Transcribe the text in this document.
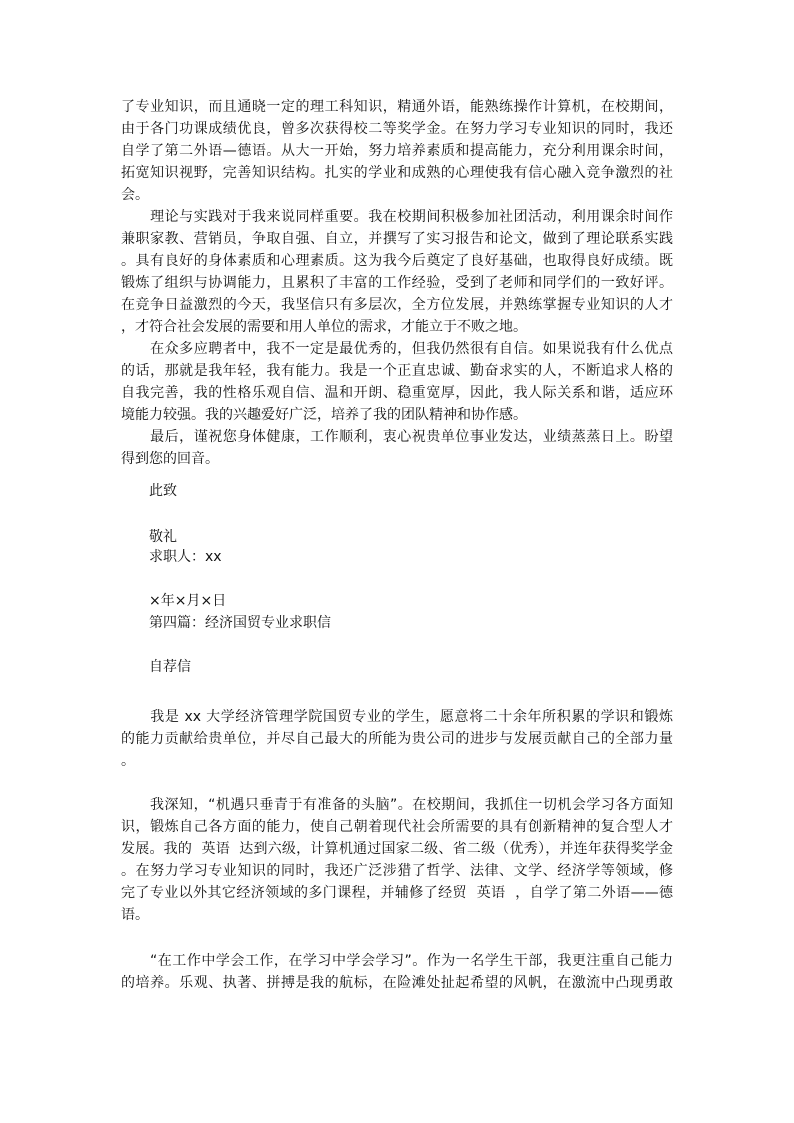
了专业知识，而且通晓一定的理工科知识，精通外语，能熟练操作计算机，在校期间，
由于各门功课成绩优良，曾多次获得校二等奖学金。在努力学习专业知识的同时，我还
自学了第二外语—德语。从大一开始，努力培养素质和提高能力，充分利用课余时间，
拓宽知识视野，完善知识结构。扎实的学业和成熟的心理使我有信心融入竞争激烈的社
会。
　　理论与实践对于我来说同样重要。我在校期间积极参加社团活动，利用课余时间作
兼职家教、营销员，争取自强、自立，并撰写了实习报告和论文，做到了理论联系实践
。具有良好的身体素质和心理素质。这为我今后奠定了良好基础，也取得良好成绩。既
锻炼了组织与协调能力，且累积了丰富的工作经验，受到了老师和同学们的一致好评。
在竞争日益激烈的今天，我坚信只有多层次，全方位发展，并熟练掌握专业知识的人才
，才符合社会发展的需要和用人单位的需求，才能立于不败之地。
　　在众多应聘者中，我不一定是最优秀的，但我仍然很有自信。如果说我有什么优点
的话，那就是我年轻，我有能力。我是一个正直忠诚、勤奋求实的人，不断追求人格的
自我完善，我的性格乐观自信、温和开朗、稳重宽厚，因此，我人际关系和谐，适应环
境能力较强。我的兴趣爱好广泛，培养了我的团队精神和协作感。
　　最后，谨祝您身体健康，工作顺利，衷心祝贵单位事业发达，业绩蒸蒸日上。盼望
得到您的回音。
　　此致
　　敬礼
　　求职人：xx
　　×年×月×日
　　第四篇：经济国贸专业求职信
　　自荐信
　　我是 xx 大学经济管理学院国贸专业的学生，愿意将二十余年所积累的学识和锻炼
的能力贡献给贵单位，并尽自己最大的所能为贵公司的进步与发展贡献自己的全部力量
。
　　我深知，“机遇只垂青于有准备的头脑”。在校期间，我抓住一切机会学习各方面知
识，锻炼自己各方面的能力，使自己朝着现代社会所需要的具有创新精神的复合型人才
发展。我的  英语  达到六级，计算机通过国家二级、省二级（优秀），并连年获得奖学金
。在努力学习专业知识的同时，我还广泛涉猎了哲学、法律、文学、经济学等领域，修
完了专业以外其它经济领域的多门课程，并辅修了经贸  英语  ，自学了第二外语——德
语。
　　“在工作中学会工作，在学习中学会学习”。作为一名学生干部，我更注重自己能力
的培养。乐观、执著、拼搏是我的航标，在险滩处扯起希望的风帆，在激流中凸现勇敢
